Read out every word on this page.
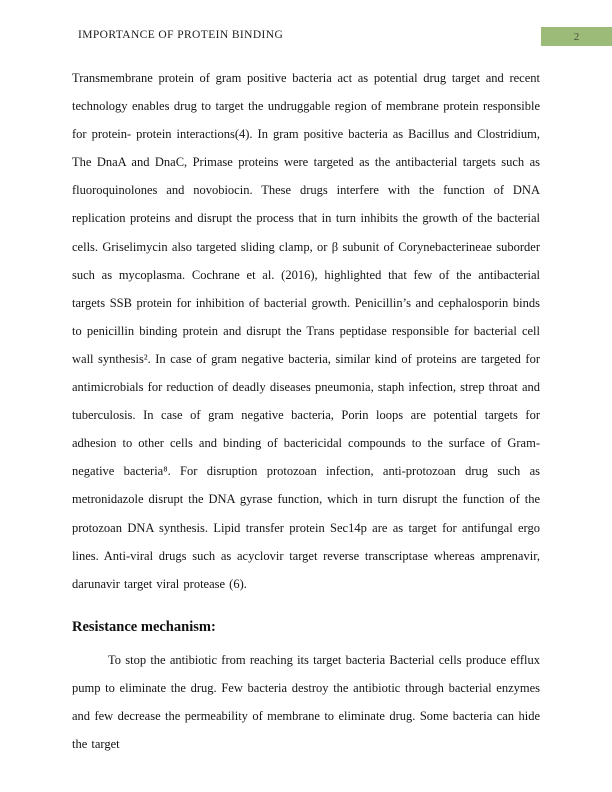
IMPORTANCE OF PROTEIN BINDING	2

Transmembrane protein of gram positive bacteria act as potential drug target and recent technology enables drug to target the undruggable region of membrane protein responsible for protein- protein interactions(4). In gram positive bacteria as Bacillus and Clostridium, The DnaA and DnaC, Primase proteins were targeted as the antibacterial targets such as fluoroquinolones and novobiocin. These drugs interfere with the function of DNA replication proteins and disrupt the process that in turn inhibits the growth of the bacterial cells. Griselimycin also targeted sliding clamp, or β subunit of Corynebacterineae suborder such as mycoplasma. Cochrane et al. (2016), highlighted that few of the antibacterial targets SSB protein for inhibition of bacterial growth. Penicillin’s and cephalosporin binds to penicillin binding protein and disrupt the Trans peptidase responsible for bacterial cell wall synthesis². In case of gram negative bacteria, similar kind of proteins are targeted for antimicrobials for reduction of deadly diseases pneumonia, staph infection, strep throat and tuberculosis. In case of gram negative bacteria, Porin loops are potential targets for adhesion to other cells and binding of bactericidal compounds to the surface of Gram-negative bacteria⁸. For disruption protozoan infection, anti-protozoan drug such as metronidazole disrupt the DNA gyrase function, which in turn disrupt the function of the protozoan DNA synthesis. Lipid transfer protein Sec14p are as target for antifungal ergo lines. Anti-viral drugs such as acyclovir target reverse transcriptase whereas amprenavir, darunavir target viral protease (6).

Resistance mechanism:

To stop the antibiotic from reaching its target bacteria Bacterial cells produce efflux pump to eliminate the drug. Few bacteria destroy the antibiotic through bacterial enzymes and few decrease the permeability of membrane to eliminate drug. Some bacteria can hide the target
